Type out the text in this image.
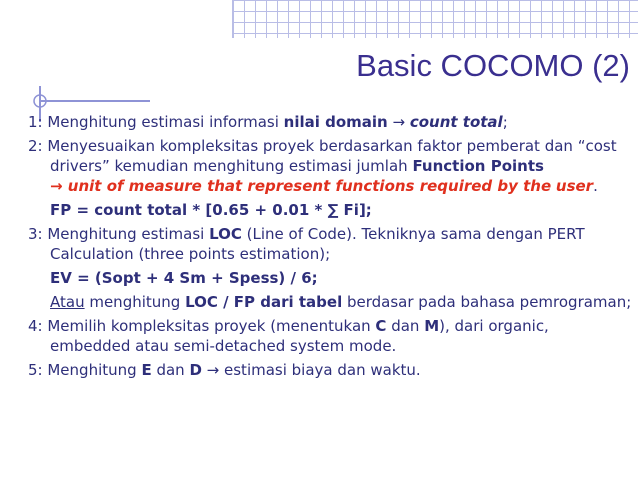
Basic COCOMO (2)

1: Menghitung estimasi informasi nilai domain → count total;

2: Menyesuaikan kompleksitas proyek berdasarkan faktor pemberat dan “cost drivers” kemudian menghitung estimasi jumlah Function Points
→ unit of measure that represent functions required by the user.

FP = count total * [0.65 + 0.01 * ∑ Fi];

3: Menghitung estimasi LOC (Line of Code). Tekniknya sama dengan PERT Calculation (three points estimation);

EV = (Sopt + 4 Sm + Spess) / 6;

Atau menghitung LOC / FP dari tabel berdasar pada bahasa pemrograman;

4: Memilih kompleksitas proyek (menentukan C dan M), dari organic, embedded atau semi-detached system mode.

5: Menghitung E dan D → estimasi biaya dan waktu.
